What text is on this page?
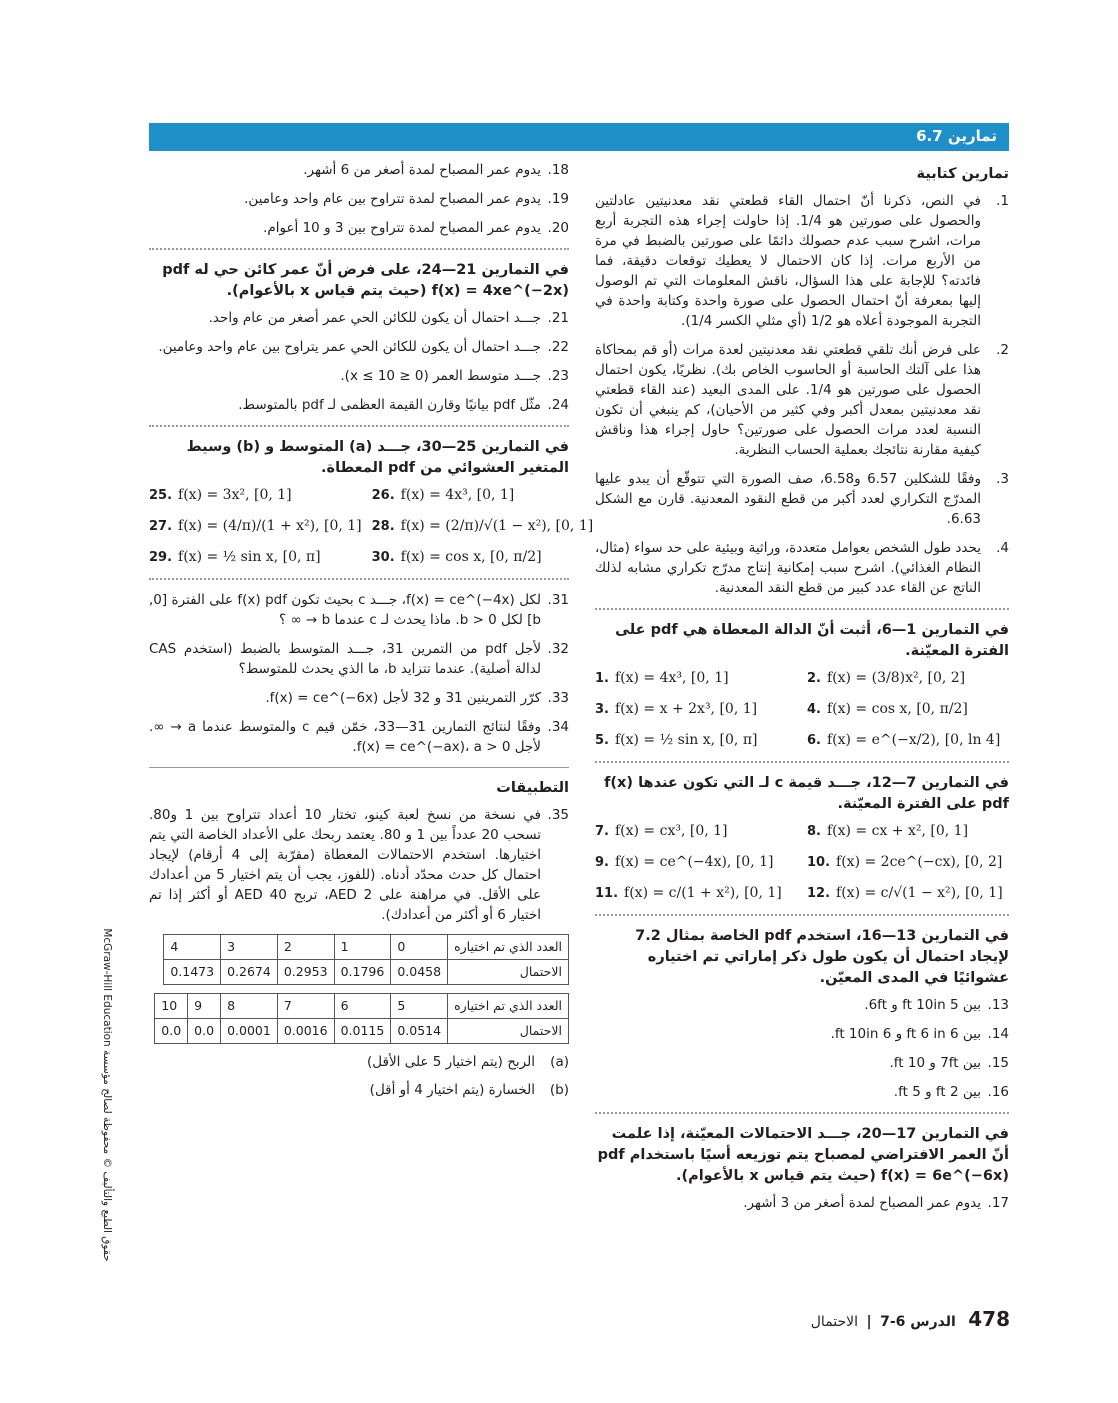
تمارين 6.7
تمارين كتابية
1.
في النص، ذكرنا أنّ احتمال القاء قطعتي نقد معدنيتين عادلتين والحصول على صورتين هو 1/4. إذا حاولت إجراء هذه التجربة أربع مرات، اشرح سبب عدم حصولك دائمًا على صورتين بالضبط في مرة من الأربع مرات. إذا كان الاحتمال لا يعطيك توقعات دقيقة، فما فائدته؟ للإجابة على هذا السؤال، ناقش المعلومات التي تم الوصول إليها بمعرفة أنّ احتمال الحصول على صورة واحدة وكتابة واحدة في التجربة الموجودة أعلاه هو 1/2 (أي مثلي الكسر 1/4).
2.
على فرض أنك تلقي قطعتي نقد معدنيتين لعدة مرات (أو قم بمحاكاة هذا على آلتك الحاسبة أو الحاسوب الخاص بك). نظريًا، يكون احتمال الحصول على صورتين هو 1/4. على المدى البعيد (عند القاء قطعتي نقد معدنيتين بمعدل أكبر وفي كثير من الأحيان)، كم ينبغي أن تكون النسبة لعدد مرات الحصول على صورتين؟ حاول إجراء هذا وناقش كيفية مقارنة نتائجك بعملية الحساب النظرية.
3.
وفقًا للشكلين 6.57 و6.58، صف الصورة التي تتوقّع أن يبدو عليها المدرّج التكراري لعدد أكبر من قطع النقود المعدنية. قارن مع الشكل 6.63.
4.
يحدد طول الشخص بعوامل متعددة، وراثية وبيئية على حد سواء (مثال، النظام الغذائي). اشرح سبب إمكانية إنتاج مدرّج تكراري مشابه لذلك الناتج عن القاء عدد كبير من قطع النقد المعدنية.
في التمارين 1—6، أثبت أنّ الدالة المعطاة هي pdf على الفترة المعيّنة.
1. f(x) = 4x³, [0, 1]	2. f(x) = (3/8)x², [0, 2]
3. f(x) = x + 2x³, [0, 1]	4. f(x) = cos x, [0, π/2]
5. f(x) = ½ sin x, [0, π]	6. f(x) = e^(−x/2), [0, ln 4]
في التمارين 7—12، جـــد قيمة c لـ التي تكون عندها f(x) pdf على الفترة المعيّنة.
7. f(x) = cx³, [0, 1]	8. f(x) = cx + x², [0, 1]
9. f(x) = ce^(−4x), [0, 1]	10. f(x) = 2ce^(−cx), [0, 2]
11. f(x) = c/(1 + x²), [0, 1]	12. f(x) = c/√(1 − x²), [0, 1]
في التمارين 13—16، استخدم pdf الخاصة بمثال 7.2 لإيجاد احتمال أن يكون طول ذكر إماراتي تم اختياره عشوائيًا في المدى المعيّن.
13.
بين 5 ft 10in و 6ft.
14.
بين 6 ft 6 in و 6 ft 10in.
15.
بين 7ft و 10 ft.
16.
بين 2 ft و 5 ft.
في التمارين 17—20، جـــد الاحتمالات المعيّنة، إذا علمت أنّ العمر الافتراضي لمصباح يتم توزيعه أسيًا باستخدام pdf f(x) = 6e^(−6x) (حيث يتم قياس x بالأعوام).
17.
يدوم عمر المصباح لمدة أصغر من 3 أشهر.
18.
يدوم عمر المصباح لمدة أصغر من 6 أشهر.
19.
يدوم عمر المصباح لمدة تتراوح بين عام واحد وعامين.
20.
يدوم عمر المصباح لمدة تتراوح بين 3 و 10 أعوام.
في التمارين 21—24، على فرض أنّ عمر كائن حي له pdf f(x) = 4xe^(−2x) (حيث يتم قياس x بالأعوام).
21.
جـــد احتمال أن يكون للكائن الحي عمر أصغر من عام واحد.
22.
جـــد احتمال أن يكون للكائن الحي عمر يتراوح بين عام واحد وعامين.
23.
جـــد متوسط العمر (0 ≤ x ≤ 10).
24.
مثّل pdf بيانيًا وقارن القيمة العظمى لـ pdf بالمتوسط.
في التمارين 25—30، جـــد (a) المتوسط و (b) وسيط المتغير العشوائي من pdf المعطاة.
25. f(x) = 3x², [0, 1]	26. f(x) = 4x³, [0, 1]
27. f(x) = (4/π)/(1 + x²), [0, 1] 28. f(x) = (2/π)/√(1 − x²), [0, 1]
29. f(x) = ½ sin x, [0, π]	30. f(x) = cos x, [0, π/2]
31.
لكل f(x) = ce^(−4x)، جـــد c بحيث تكون f(x) pdf على الفترة [0, b] لكل b > 0. ماذا يحدث لـ c عندما b → ∞ ؟
32.
لأجل pdf من التمرين 31، جـــد المتوسط بالضبط (استخدم CAS لدالة أصلية). عندما تتزايد b، ما الذي يحدث للمتوسط؟
33.
كرّر التمرينين 31 و 32 لأجل f(x) = ce^(−6x).
34.
وفقًا لنتائج التمارين 31—33، خمّن قيم c والمتوسط عندما a → ∞. لأجل f(x) = ce^(−ax)، a > 0.
التطبيقات
35.
في نسخة من نسخ لعبة كينو، تختار 10 أعداد تتراوح بين 1 و80. تسحب 20 عدداً بين 1 و 80. يعتمد ربحك على الأعداد الخاصة التي يتم اختيارها. استخدم الاحتمالات المعطاة (مقرّبة إلى 4 أرقام) لإيجاد احتمال كل حدث محدّد أدناه. (للفوز، يجب أن يتم اختيار 5 من أعدادك على الأقل. في مراهنة على AED 2، تربح AED 40 أو أكثر إذا تم اختيار 6 أو أكثر من أعدادك).
العدد الذي تم اختياره	0	1	2	3	4
الاحتمال	0.0458	0.1796	0.2953	0.2674	0.1473
العدد الذي تم اختياره	5	6	7	8	9	10
الاحتمال	0.0514	0.0115	0.0016	0.0001	0.0	0.0
(a)
الربح (يتم اختيار 5 على الأقل)
(b)
الخسارة (يتم اختيار 4 أو أقل)
حقوق الطبع والتأليف © محفوظة لصالح مؤسسة McGraw-Hill Education
478 الدرس 6-7 | الاحتمال
